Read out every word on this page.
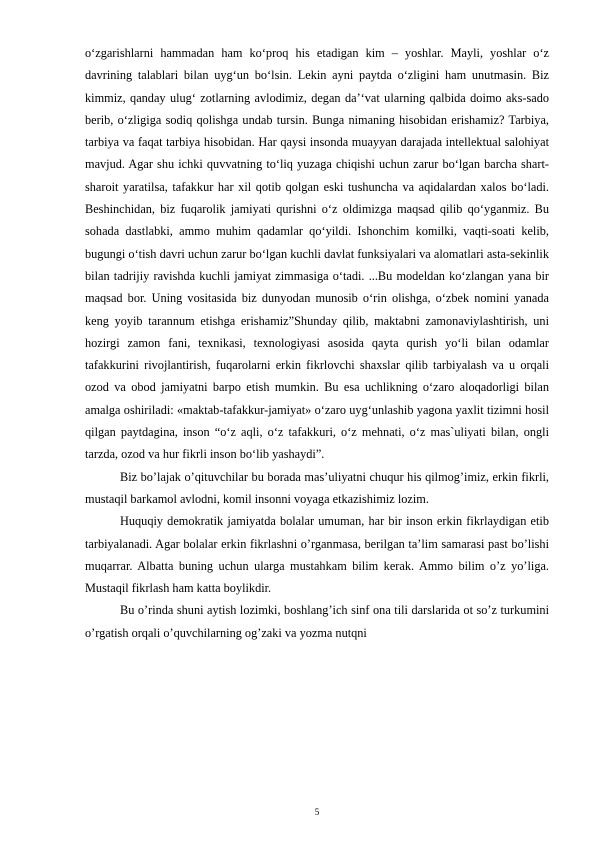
o‘zgarishlarni hammadan ham ko‘proq his etadigan kim – yoshlar. Mayli, yoshlar o‘z davrining talablari bilan uyg‘un bo‘lsin. Lekin ayni paytda o‘zligini ham unutmasin. Biz kimmiz, qanday ulug‘ zotlarning avlodimiz, degan da’‘vat ularning qalbida doimo aks-sado berib, o‘zligiga sodiq qolishga undab tursin. Bunga nimaning hisobidan erishamiz? Tarbiya, tarbiya va faqat tarbiya hisobidan. Har qaysi insonda muayyan darajada intellektual salohiyat mavjud. Agar shu ichki quvvatning to‘liq yuzaga chiqishi uchun zarur bo‘lgan barcha shart-sharoit yaratilsa, tafakkur har xil qotib qolgan eski tushuncha va aqidalardan xalos bo‘ladi. Beshinchidan, biz fuqarolik jamiyati qurishni o‘z oldimizga maqsad qilib qo‘yganmiz. Bu sohada dastlabki, ammo muhim qadamlar qo‘yildi. Ishonchim komilki, vaqti-soati kelib, bugungi o‘tish davri uchun zarur bo‘lgan kuchli davlat funksiyalari va alomatlari asta-sekinlik bilan tadrijiy ravishda kuchli jamiyat zimmasiga o‘tadi. ...Bu modeldan ko‘zlangan yana bir maqsad bor. Uning vositasida biz dunyodan munosib o‘rin olishga, o‘zbek nomini yanada keng yoyib tarannum etishga erishamiz”Shunday qilib, maktabni zamonaviylashtirish, uni hozirgi zamon fani, texnikasi, texnologiyasi asosida qayta qurish yo‘li bilan odamlar tafakkurini rivojlantirish, fuqarolarni erkin fikrlovchi shaxslar qilib tarbiyalash va u orqali ozod va obod jamiyatni barpo etish mumkin. Bu esa uchlikning o‘zaro aloqadorligi bilan amalga oshiriladi: «maktab-tafakkur-jamiyat» o‘zaro uyg‘unlashib yagona yaxlit tizimni hosil qilgan paytdagina, inson “o‘z aqli, o‘z tafakkuri, o‘z mehnati, o‘z mas`uliyati bilan, ongli tarzda, ozod va hur fikrli inson bo‘lib yashaydi”.

Biz bo’lajak o’qituvchilar bu borada mas’uliyatni chuqur his qilmog’imiz, erkin fikrli, mustaqil barkamol avlodni, komil insonni voyaga etkazishimiz lozim.

Huquqiy demokratik jamiyatda bolalar umuman, har bir inson erkin fikrlaydigan etib tarbiyalanadi. Agar bolalar erkin fikrlashni o’rganmasa, berilgan ta’lim samarasi past bo’lishi muqarrar. Albatta buning uchun ularga mustahkam bilim kerak. Ammo bilim o’z yo’liga. Mustaqil fikrlash ham katta boylikdir.

Bu o’rinda shuni aytish lozimki, boshlang’ich sinf ona tili darslarida ot so’z turkumini o’rgatish orqali o’quvchilarning og’zaki va yozma nutqni

5
